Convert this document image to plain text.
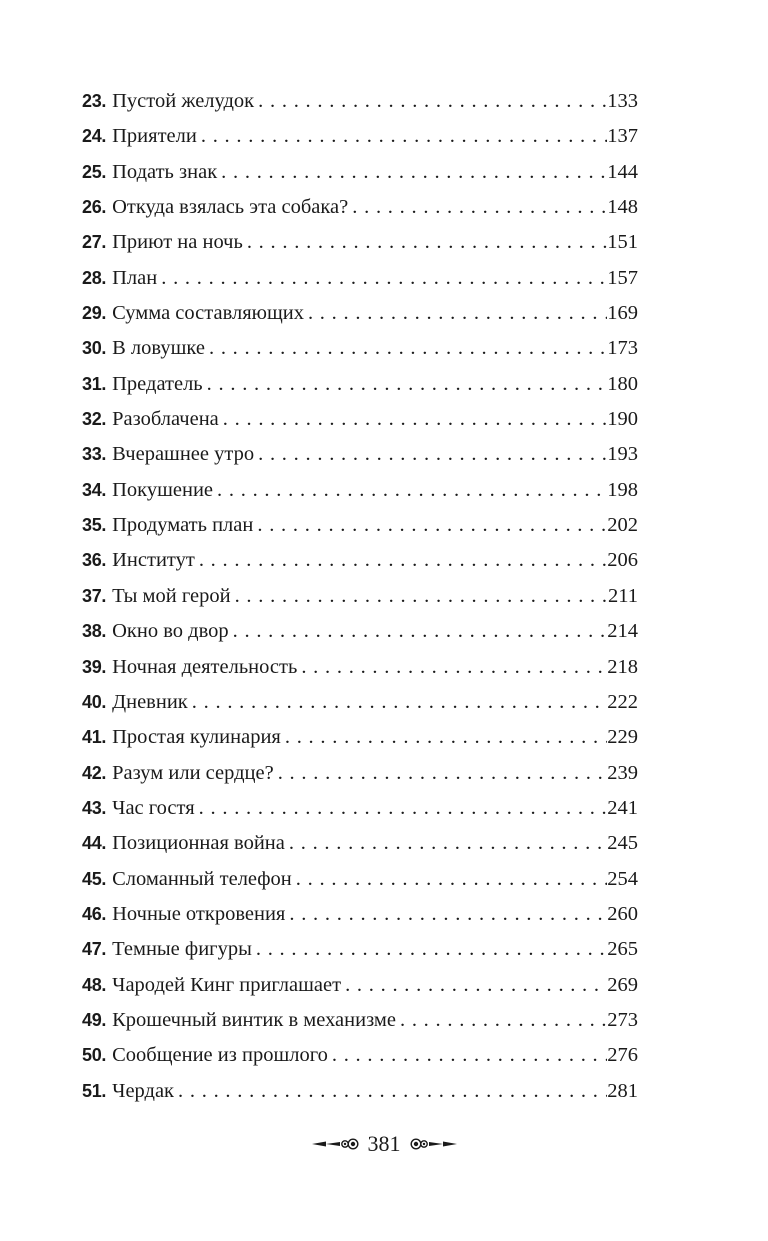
23. Пустой желудок . . .	133
24. Приятели . . .	137
25. Подать знак . . .	144
26. Откуда взялась эта собака? . . .	148
27. Приют на ночь . . .	151
28. План . . .	157
29. Сумма составляющих . . .	169
30. В ловушке . . .	173
31. Предатель . . .	180
32. Разоблачена . . .	190
33. Вчерашнее утро . . .	193
34. Покушение . . .	198
35. Продумать план . . .	202
36. Институт . . .	206
37. Ты мой герой . . .	211
38. Окно во двор . . .	214
39. Ночная деятельность . . .	218
40. Дневник . . .	222
41. Простая кулинария . . .	229
42. Разум или сердце? . . .	239
43. Час гостя . . .	241
44. Позиционная война . . .	245
45. Сломанный телефон . . .	254
46. Ночные откровения . . .	260
47. Темные фигуры . . .	265
48. Чародей Кинг приглашает . . .	269
49. Крошечный винтик в механизме . . .	273
50. Сообщение из прошлого . . .	276
51. Чердак . . .	281
381
